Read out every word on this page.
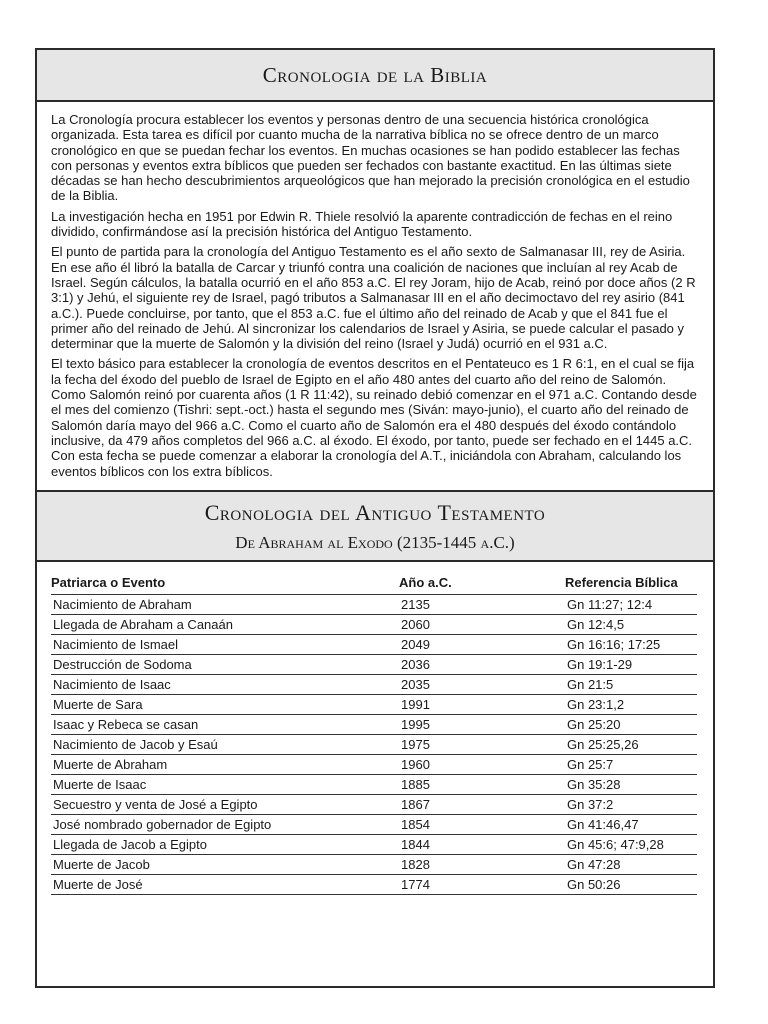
Cronologia de la Biblia

La Cronología procura establecer los eventos y personas dentro de una secuencia histórica cronológica organizada. Esta tarea es difícil por cuanto mucha de la narrativa bíblica no se ofrece dentro de un marco cronológico en que se puedan fechar los eventos. En muchas ocasiones se han podido establecer las fechas con personas y eventos extra bíblicos que pueden ser fechados con bastante exactitud. En las últimas siete décadas se han hecho descubrimientos arqueológicos que han mejorado la precisión cronológica en el estudio de la Biblia.

La investigación hecha en 1951 por Edwin R. Thiele resolvió la aparente contradicción de fechas en el reino dividido, confirmándose así la precisión histórica del Antiguo Testamento.

El punto de partida para la cronología del Antiguo Testamento es el año sexto de Salmanasar III, rey de Asiria. En ese año él libró la batalla de Carcar y triunfó contra una coalición de naciones que incluían al rey Acab de Israel. Según cálculos, la batalla ocurrió en el año 853 a.C. El rey Joram, hijo de Acab, reinó por doce años (2 R 3:1) y Jehú, el siguiente rey de Israel, pagó tributos a Salmanasar III en el año decimoctavo del rey asirio (841 a.C.). Puede concluirse, por tanto, que el 853 a.C. fue el último año del reinado de Acab y que el 841 fue el primer año del reinado de Jehú. Al sincronizar los calendarios de Israel y Asiria, se puede calcular el pasado y determinar que la muerte de Salomón y la división del reino (Israel y Judá) ocurrió en el 931 a.C.

El texto básico para establecer la cronología de eventos descritos en el Pentateuco es 1 R 6:1, en el cual se fija la fecha del éxodo del pueblo de Israel de Egipto en el año 480 antes del cuarto año del reino de Salomón. Como Salomón reinó por cuarenta años (1 R 11:42), su reinado debió comenzar en el 971 a.C. Contando desde el mes del comienzo (Tishri: sept.-oct.) hasta el segundo mes (Siván: mayo-junio), el cuarto año del reinado de Salomón daría mayo del 966 a.C. Como el cuarto año de Salomón era el 480 después del éxodo contándolo inclusive, da 479 años completos del 966 a.C. al éxodo. El éxodo, por tanto, puede ser fechado en el 1445 a.C. Con esta fecha se puede comenzar a elaborar la cronología del A.T., iniciándola con Abraham, calculando los eventos bíblicos con los extra bíblicos.

Cronologia del Antiguo Testamento
De Abraham al Exodo (2135-1445 a.C.)
Patriarca o Evento	Año a.C.	Referencia Bíblica
Nacimiento de Abraham	2135	Gn 11:27; 12:4
Llegada de Abraham a Canaán	2060	Gn 12:4,5
Nacimiento de Ismael	2049	Gn 16:16; 17:25
Destrucción de Sodoma	2036	Gn 19:1-29
Nacimiento de Isaac	2035	Gn 21:5
Muerte de Sara	1991	Gn 23:1,2
Isaac y Rebeca se casan	1995	Gn 25:20
Nacimiento de Jacob y Esaú	1975	Gn 25:25,26
Muerte de Abraham	1960	Gn 25:7
Muerte de Isaac	1885	Gn 35:28
Secuestro y venta de José a Egipto	1867	Gn 37:2
José nombrado gobernador de Egipto	1854	Gn 41:46,47
Llegada de Jacob a Egipto	1844	Gn 45:6; 47:9,28
Muerte de Jacob	1828	Gn 47:28
Muerte de José	1774	Gn 50:26
